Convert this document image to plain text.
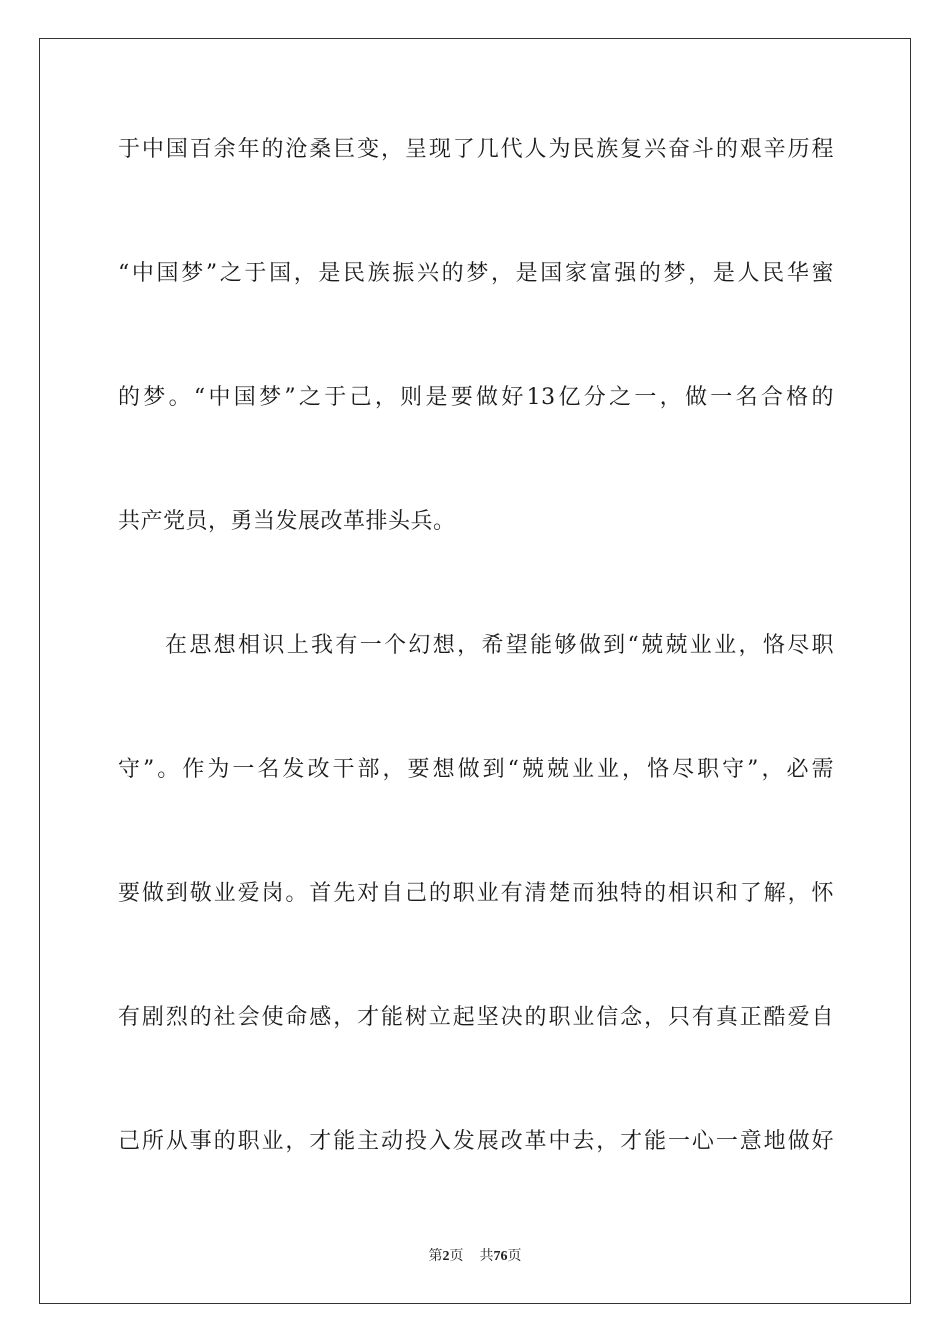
于中国百余年的沧桑巨变，呈现了几代人为民族复兴奋斗的艰辛历程
“中国梦”之于国，是民族振兴的梦，是国家富强的梦，是人民华蜜
的梦。“中国梦”之于己，则是要做好13亿分之一，做一名合格的
共产党员，勇当发展改革排头兵。
在思想相识上我有一个幻想，希望能够做到“兢兢业业，恪尽职
守”。作为一名发改干部，要想做到“兢兢业业，恪尽职守”，必需
要做到敬业爱岗。首先对自己的职业有清楚而独特的相识和了解，怀
有剧烈的社会使命感，才能树立起坚决的职业信念，只有真正酷爱自
己所从事的职业，才能主动投入发展改革中去，才能一心一意地做好
第2页 共76页
